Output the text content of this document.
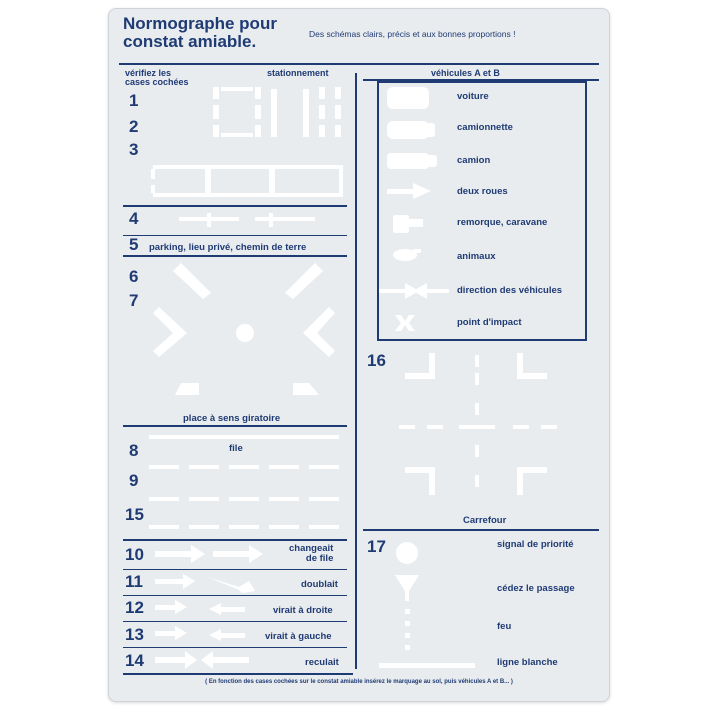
Normographe pour
constat amiable.	Des schémas clairs, précis et aux bonnes proportions !
vérifiez les
cases cochées
stationnement
1
2
3
4
5 parking, lieu privé, chemin de terre
6
7
place à sens giratoire
file
8
9
15
10	changeait
de file
11	doublait
12	virait à droite
13	virait à gauche
14	reculait
véhicules A et B
voiture
camionnette
camion
deux roues
remorque, caravane
animaux
direction des véhicules
point d'impact
16
Carrefour
17	signal de priorité
cédez le passage
feu
ligne blanche
( En fonction des cases cochées sur le constat amiable insérez le marquage au sol, puis véhicules A et B... )
